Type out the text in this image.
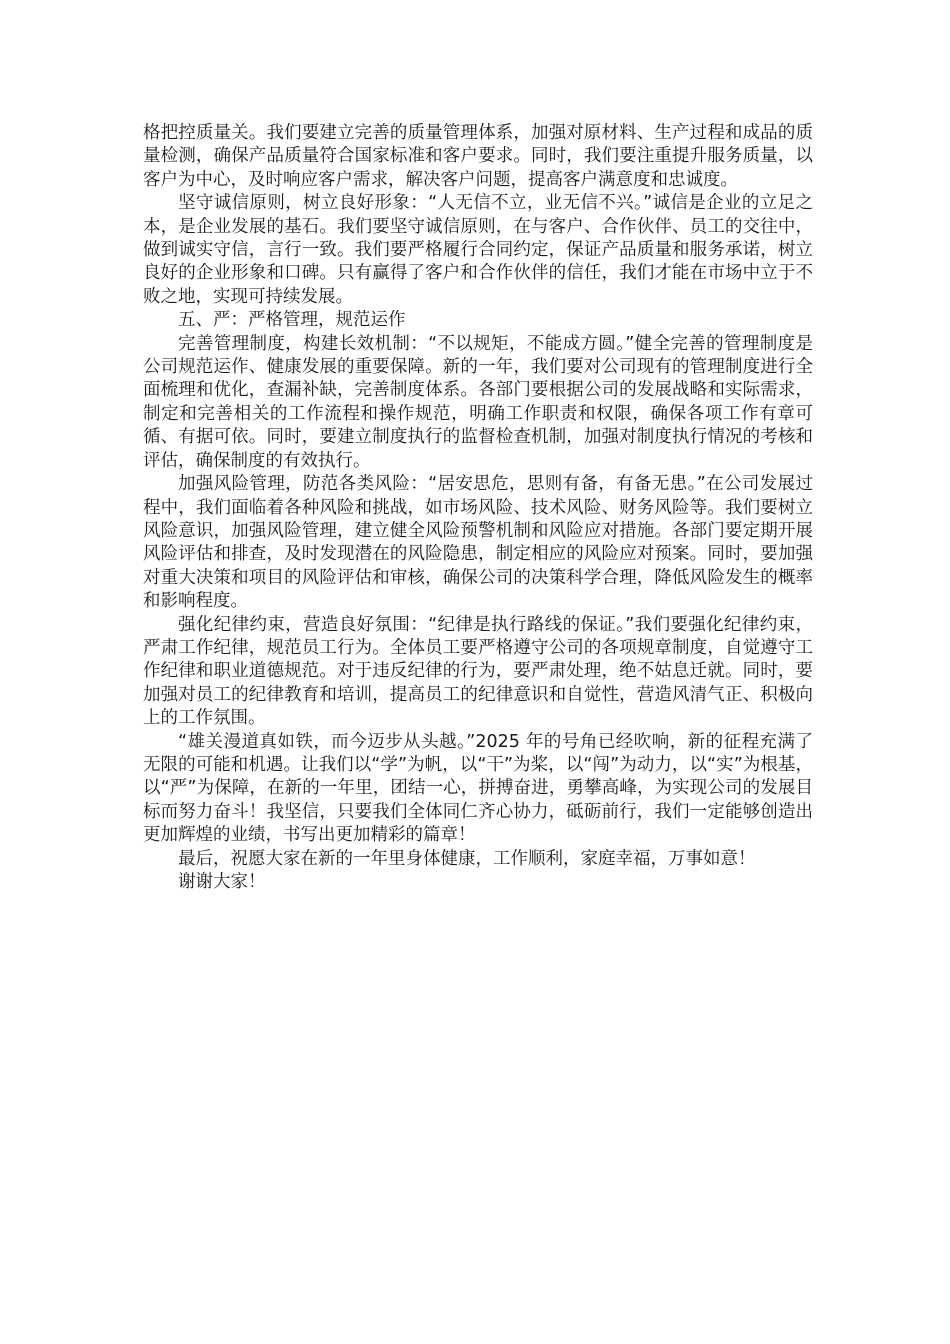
格把控质量关。我们要建立完善的质量管理体系，加强对原材料、生产过程和成品的质量检测，确保产品质量符合国家标准和客户要求。同时，我们要注重提升服务质量，以客户为中心，及时响应客户需求，解决客户问题，提高客户满意度和忠诚度。

坚守诚信原则，树立良好形象：“人无信不立，业无信不兴。”诚信是企业的立足之本，是企业发展的基石。我们要坚守诚信原则，在与客户、合作伙伴、员工的交往中，做到诚实守信，言行一致。我们要严格履行合同约定，保证产品质量和服务承诺，树立良好的企业形象和口碑。只有赢得了客户和合作伙伴的信任，我们才能在市场中立于不败之地，实现可持续发展。

五、严：严格管理，规范运作

完善管理制度，构建长效机制：“不以规矩，不能成方圆。”健全完善的管理制度是公司规范运作、健康发展的重要保障。新的一年，我们要对公司现有的管理制度进行全面梳理和优化，查漏补缺，完善制度体系。各部门要根据公司的发展战略和实际需求，制定和完善相关的工作流程和操作规范，明确工作职责和权限，确保各项工作有章可循、有据可依。同时，要建立制度执行的监督检查机制，加强对制度执行情况的考核和评估，确保制度的有效执行。

加强风险管理，防范各类风险：“居安思危，思则有备，有备无患。”在公司发展过程中，我们面临着各种风险和挑战，如市场风险、技术风险、财务风险等。我们要树立风险意识，加强风险管理，建立健全风险预警机制和风险应对措施。各部门要定期开展风险评估和排查，及时发现潜在的风险隐患，制定相应的风险应对预案。同时，要加强对重大决策和项目的风险评估和审核，确保公司的决策科学合理，降低风险发生的概率和影响程度。

强化纪律约束，营造良好氛围：“纪律是执行路线的保证。”我们要强化纪律约束，严肃工作纪律，规范员工行为。全体员工要严格遵守公司的各项规章制度，自觉遵守工作纪律和职业道德规范。对于违反纪律的行为，要严肃处理，绝不姑息迁就。同时，要加强对员工的纪律教育和培训，提高员工的纪律意识和自觉性，营造风清气正、积极向上的工作氛围。

“雄关漫道真如铁，而今迈步从头越。”2025 年的号角已经吹响，新的征程充满了无限的可能和机遇。让我们以“学”为帆，以“干”为桨，以“闯”为动力，以“实”为根基，以“严”为保障，在新的一年里，团结一心，拼搏奋进，勇攀高峰，为实现公司的发展目标而努力奋斗！我坚信，只要我们全体同仁齐心协力，砥砺前行，我们一定能够创造出更加辉煌的业绩，书写出更加精彩的篇章！

最后，祝愿大家在新的一年里身体健康，工作顺利，家庭幸福，万事如意！

谢谢大家！
